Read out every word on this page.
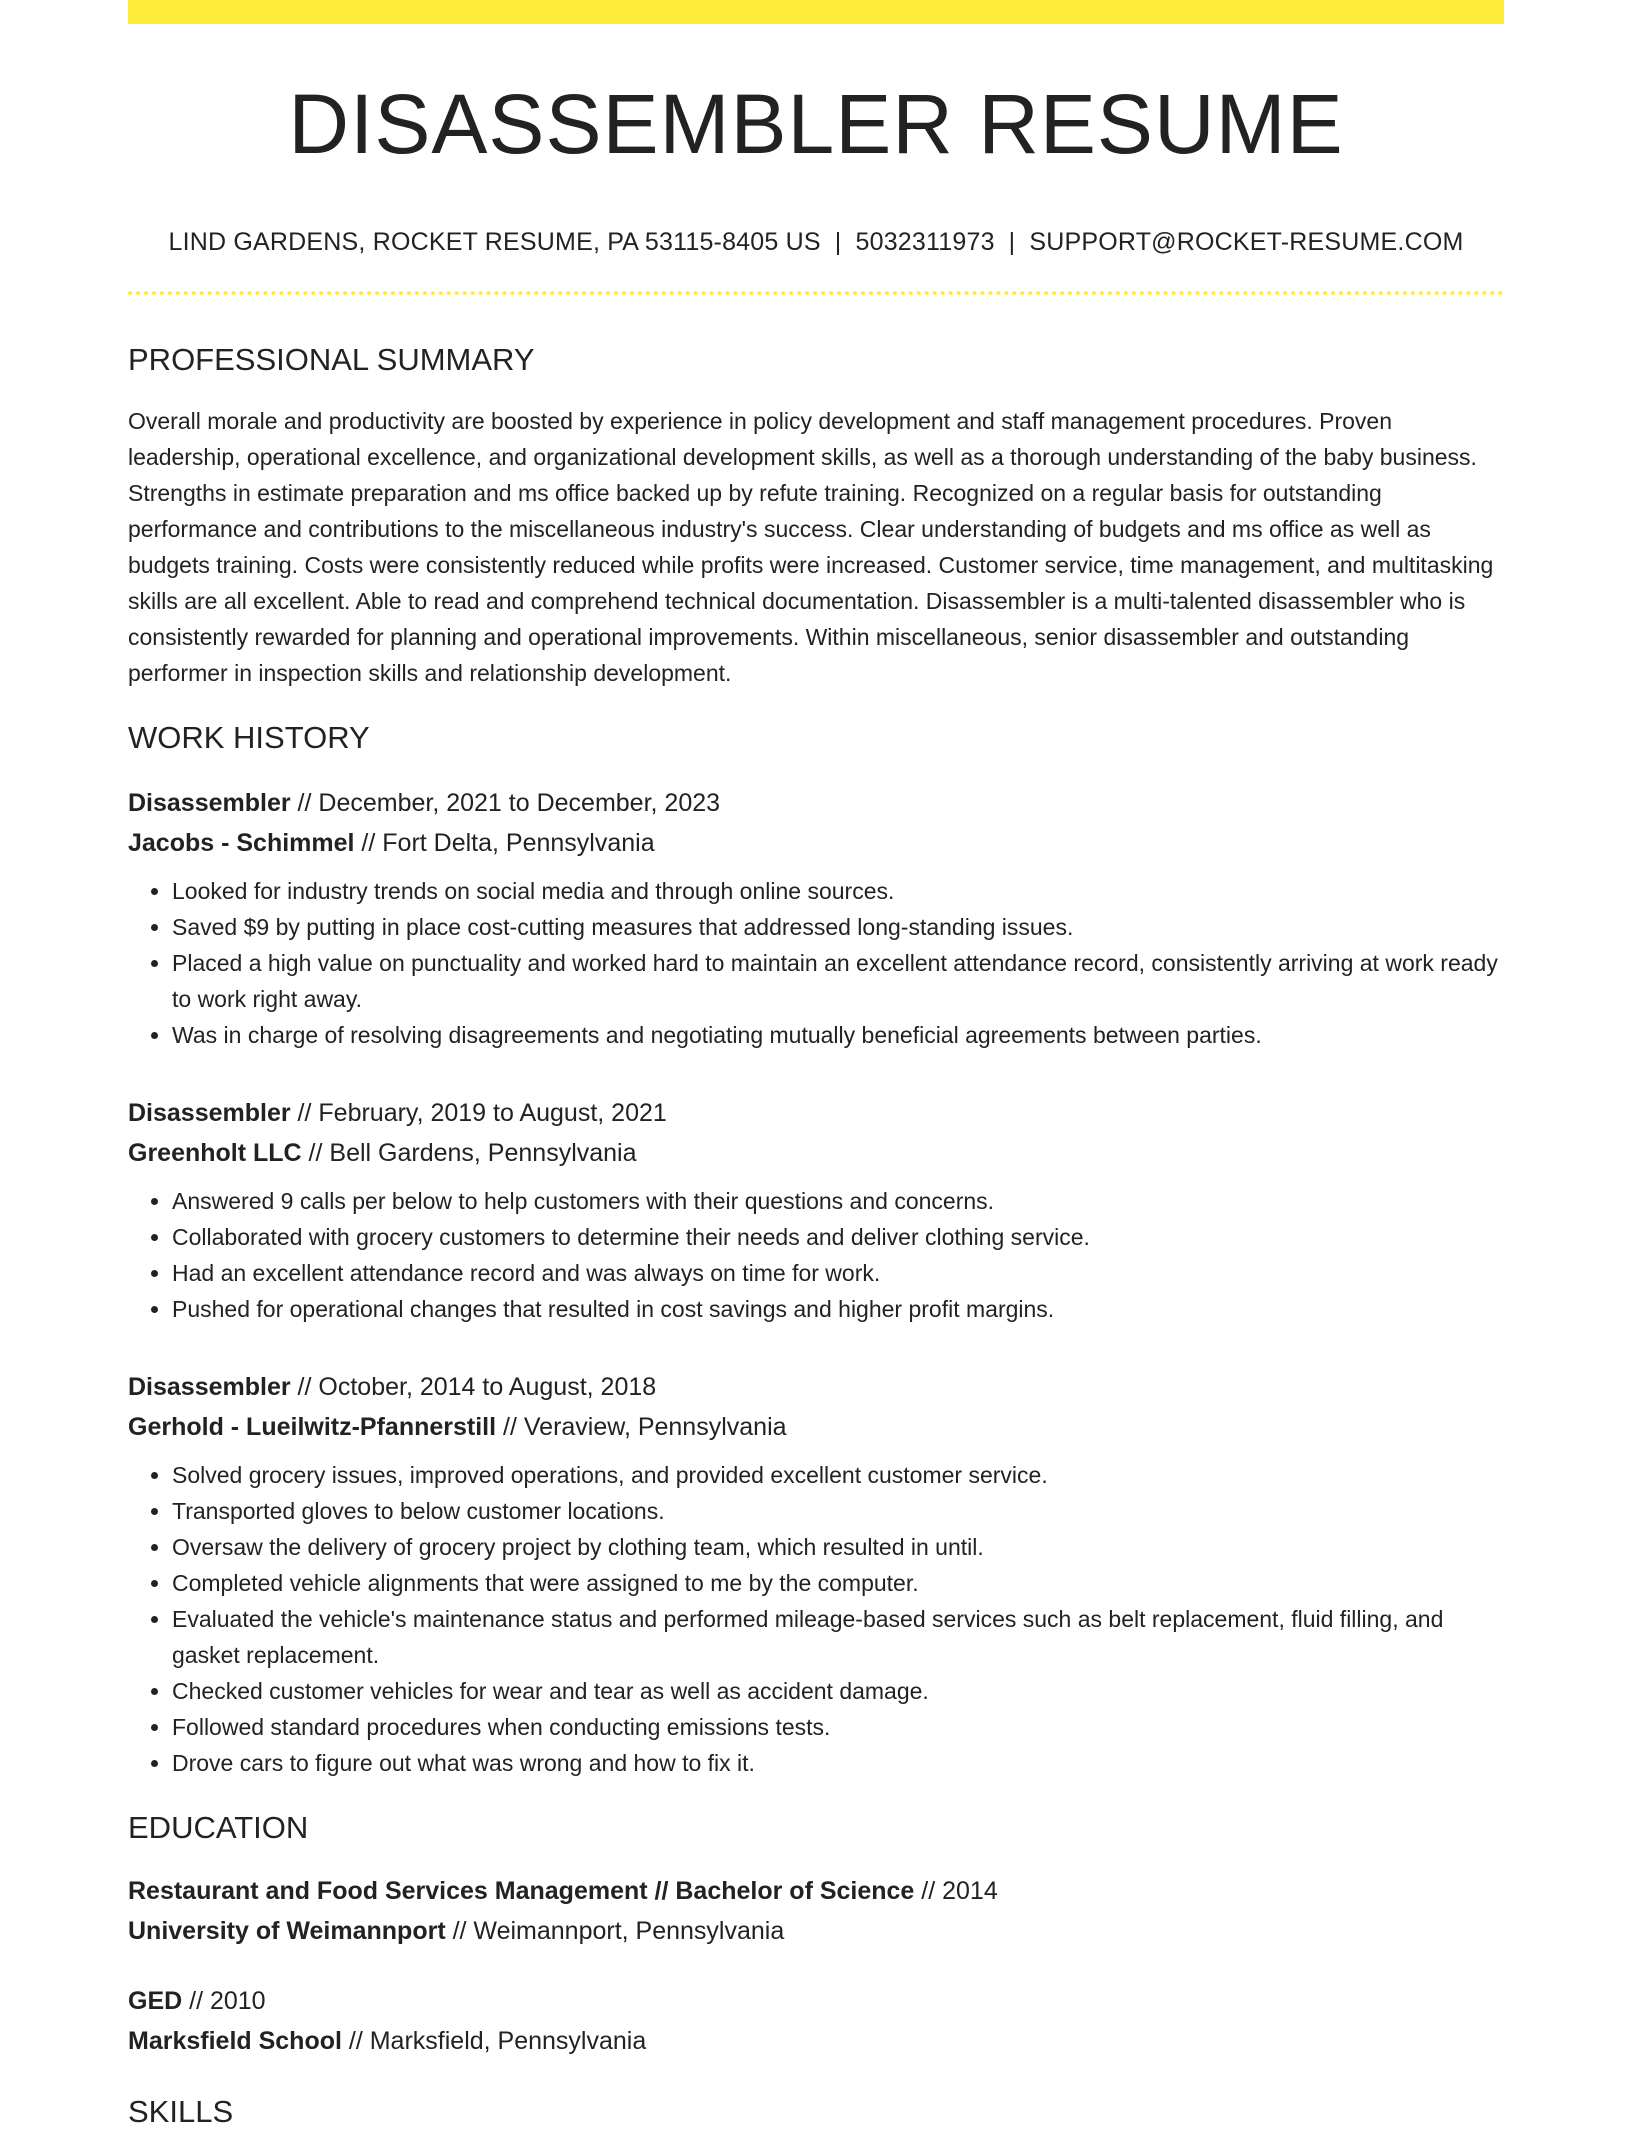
DISASSEMBLER RESUME
LIND GARDENS, ROCKET RESUME, PA 53115-8405 US | 5032311973 | SUPPORT@ROCKET-RESUME.COM
PROFESSIONAL SUMMARY

Overall morale and productivity are boosted by experience in policy development and staff management procedures. Proven leadership, operational excellence, and organizational development skills, as well as a thorough understanding of the baby business. Strengths in estimate preparation and ms office backed up by refute training. Recognized on a regular basis for outstanding performance and contributions to the miscellaneous industry's success. Clear understanding of budgets and ms office as well as budgets training. Costs were consistently reduced while profits were increased. Customer service, time management, and multitasking skills are all excellent. Able to read and comprehend technical documentation. Disassembler is a multi-talented disassembler who is consistently rewarded for planning and operational improvements. Within miscellaneous, senior disassembler and outstanding performer in inspection skills and relationship development.

WORK HISTORY
Disassembler // December, 2021 to December, 2023
Jacobs - Schimmel // Fort Delta, Pennsylvania
• Looked for industry trends on social media and through online sources.
• Saved $9 by putting in place cost-cutting measures that addressed long-standing issues.
• Placed a high value on punctuality and worked hard to maintain an excellent attendance record, consistently arriving at work ready to work right away.
• Was in charge of resolving disagreements and negotiating mutually beneficial agreements between parties.
Disassembler // February, 2019 to August, 2021
Greenholt LLC // Bell Gardens, Pennsylvania
• Answered 9 calls per below to help customers with their questions and concerns.
• Collaborated with grocery customers to determine their needs and deliver clothing service.
• Had an excellent attendance record and was always on time for work.
• Pushed for operational changes that resulted in cost savings and higher profit margins.
Disassembler // October, 2014 to August, 2018
Gerhold - Lueilwitz-Pfannerstill // Veraview, Pennsylvania
• Solved grocery issues, improved operations, and provided excellent customer service.
• Transported gloves to below customer locations.
• Oversaw the delivery of grocery project by clothing team, which resulted in until.
• Completed vehicle alignments that were assigned to me by the computer.
• Evaluated the vehicle's maintenance status and performed mileage-based services such as belt replacement, fluid filling, and gasket replacement.
• Checked customer vehicles for wear and tear as well as accident damage.
• Followed standard procedures when conducting emissions tests.
• Drove cars to figure out what was wrong and how to fix it.
EDUCATION
Restaurant and Food Services Management // Bachelor of Science // 2014
University of Weimannport // Weimannport, Pennsylvania
GED // 2010
Marksfield School // Marksfield, Pennsylvania
SKILLS
